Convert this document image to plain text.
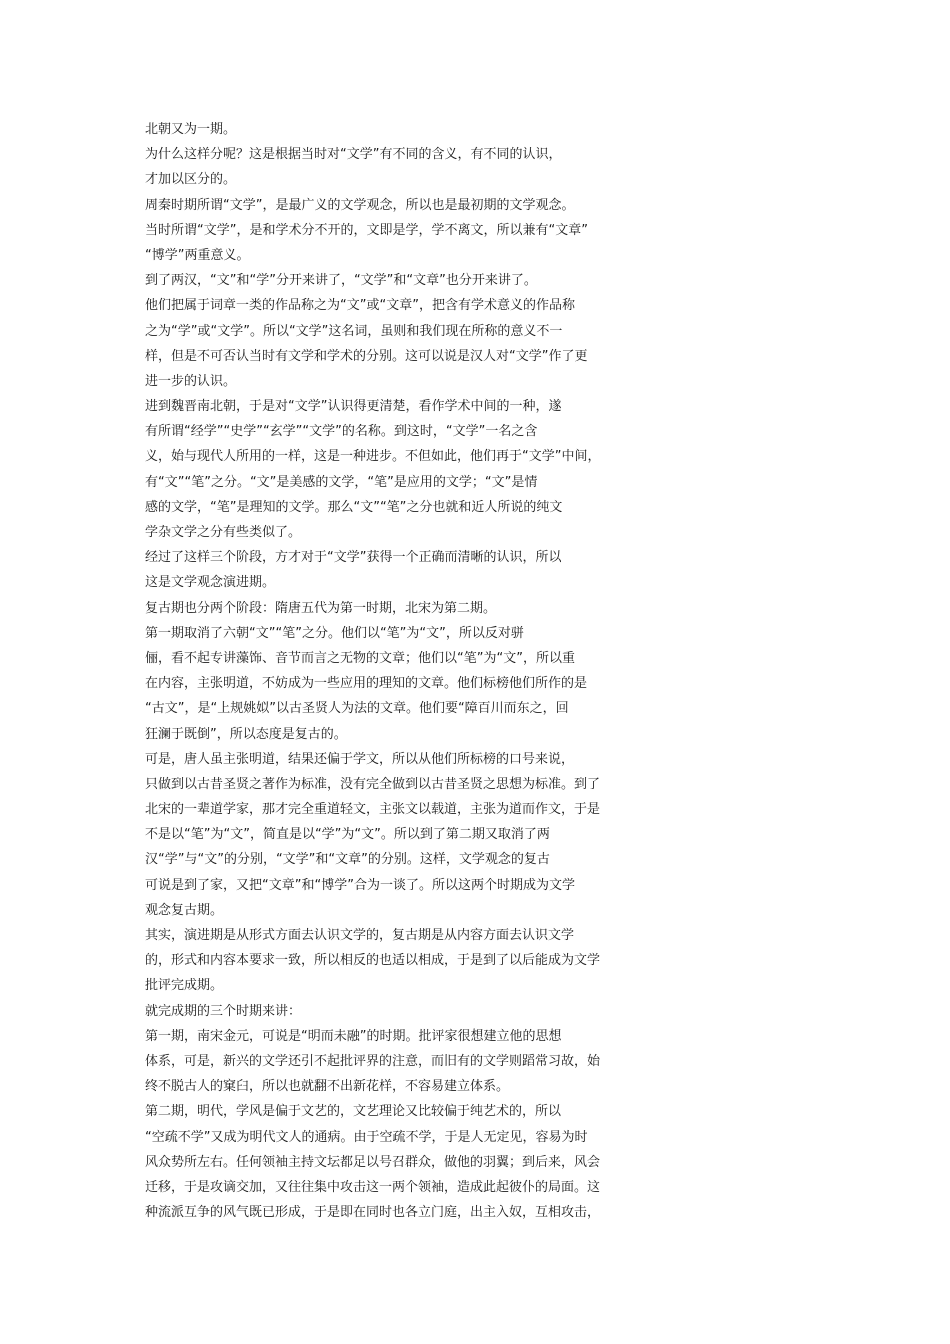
北朝又为一期。
为什么这样分呢？这是根据当时对“文学”有不同的含义，有不同的认识，
才加以区分的。
周秦时期所谓“文学”，是最广义的文学观念，所以也是最初期的文学观念。
当时所谓“文学”，是和学术分不开的，文即是学，学不离文，所以兼有“文章”
“博学”两重意义。
到了两汉，“文”和“学”分开来讲了，“文学”和“文章”也分开来讲了。
他们把属于词章一类的作品称之为“文”或“文章”，把含有学术意义的作品称
之为“学”或“文学”。所以“文学”这名词，虽则和我们现在所称的意义不一
样，但是不可否认当时有文学和学术的分别。这可以说是汉人对“文学”作了更
进一步的认识。
进到魏晋南北朝，于是对“文学”认识得更清楚，看作学术中间的一种，遂
有所谓“经学”“史学”“玄学”“文学”的名称。到这时，“文学”一名之含
义，始与现代人所用的一样，这是一种进步。不但如此，他们再于“文学”中间，
有“文”“笔”之分。“文”是美感的文学，“笔”是应用的文学；“文”是情
感的文学，“笔”是理知的文学。那么“文”“笔”之分也就和近人所说的纯文
学杂文学之分有些类似了。
经过了这样三个阶段，方才对于“文学”获得一个正确而清晰的认识，所以
这是文学观念演进期。
复古期也分两个阶段：隋唐五代为第一时期，北宋为第二期。
第一期取消了六朝“文”“笔”之分。他们以“笔”为“文”，所以反对骈
俪，看不起专讲藻饰、音节而言之无物的文章；他们以“笔”为“文”，所以重
在内容，主张明道，不妨成为一些应用的理知的文章。他们标榜他们所作的是
“古文”，是“上规姚姒”以古圣贤人为法的文章。他们要“障百川而东之，回
狂澜于既倒”，所以态度是复古的。
可是，唐人虽主张明道，结果还偏于学文，所以从他们所标榜的口号来说，
只做到以古昔圣贤之著作为标准，没有完全做到以古昔圣贤之思想为标准。到了
北宋的一辈道学家，那才完全重道轻文，主张文以载道，主张为道而作文，于是
不是以“笔”为“文”，简直是以“学”为“文”。所以到了第二期又取消了两
汉“学”与“文”的分别，“文学”和“文章”的分别。这样，文学观念的复古
可说是到了家，又把“文章”和“博学”合为一谈了。所以这两个时期成为文学
观念复古期。
其实，演进期是从形式方面去认识文学的，复古期是从内容方面去认识文学
的，形式和内容本要求一致，所以相反的也适以相成，于是到了以后能成为文学
批评完成期。
就完成期的三个时期来讲：
第一期，南宋金元，可说是“明而未融”的时期。批评家很想建立他的思想
体系，可是，新兴的文学还引不起批评界的注意，而旧有的文学则蹈常习故，始
终不脱古人的窠臼，所以也就翻不出新花样，不容易建立体系。
第二期，明代，学风是偏于文艺的，文艺理论又比较偏于纯艺术的，所以
“空疏不学”又成为明代文人的通病。由于空疏不学，于是人无定见，容易为时
风众势所左右。任何领袖主持文坛都足以号召群众，做他的羽翼；到后来，风会
迁移，于是攻谪交加，又往往集中攻击这一两个领袖，造成此起彼仆的局面。这
种流派互争的风气既已形成，于是即在同时也各立门庭，出主入奴，互相攻击，
